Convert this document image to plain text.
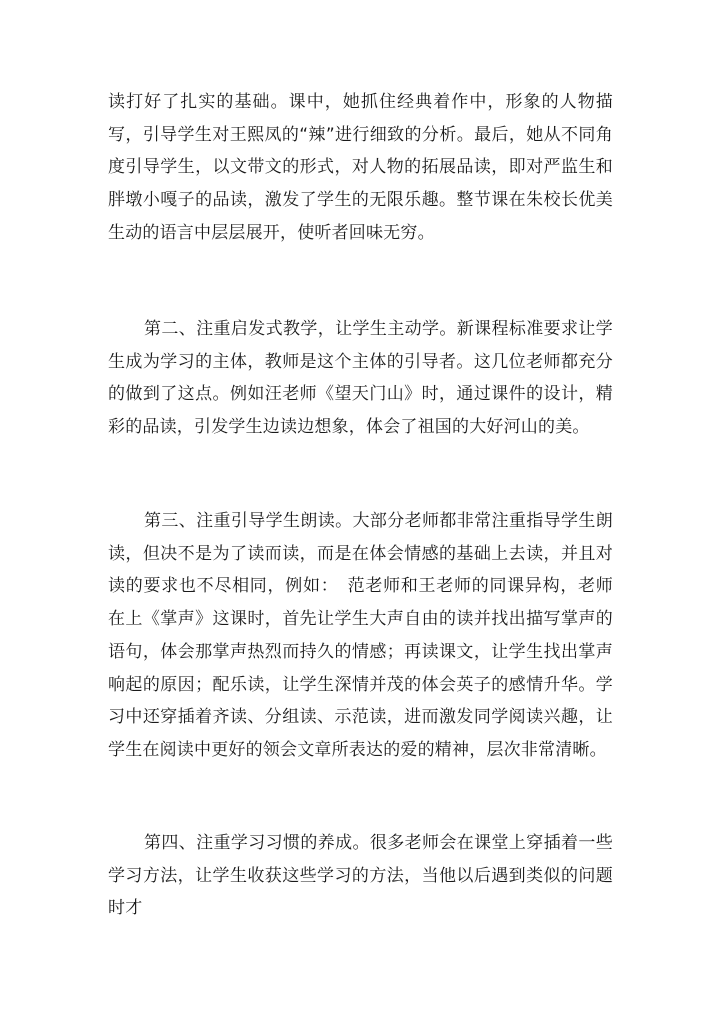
读打好了扎实的基础。课中，她抓住经典着作中，形象的人物描写，引导学生对王熙凤的“辣”进行细致的分析。最后，她从不同角度引导学生，以文带文的形式，对人物的拓展品读，即对严监生和胖墩小嘎子的品读，激发了学生的无限乐趣。整节课在朱校长优美生动的语言中层层展开，使听者回味无穷。

第二、注重启发式教学，让学生主动学。新课程标准要求让学生成为学习的主体，教师是这个主体的引导者。这几位老师都充分的做到了这点。例如汪老师《望天门山》时，通过课件的设计，精彩的品读，引发学生边读边想象，体会了祖国的大好河山的美。

第三、注重引导学生朗读。大部分老师都非常注重指导学生朗读，但决不是为了读而读，而是在体会情感的基础上去读，并且对读的要求也不尽相同，例如：　范老师和王老师的同课异构，老师在上《掌声》这课时，首先让学生大声自由的读并找出描写掌声的语句，体会那掌声热烈而持久的情感；再读课文，让学生找出掌声响起的原因；配乐读，让学生深情并茂的体会英子的感情升华。学习中还穿插着齐读、分组读、示范读，进而激发同学阅读兴趣，让学生在阅读中更好的领会文章所表达的爱的精神，层次非常清晰。

第四、注重学习习惯的养成。很多老师会在课堂上穿插着一些学习方法，让学生收获这些学习的方法，当他以后遇到类似的问题时才
